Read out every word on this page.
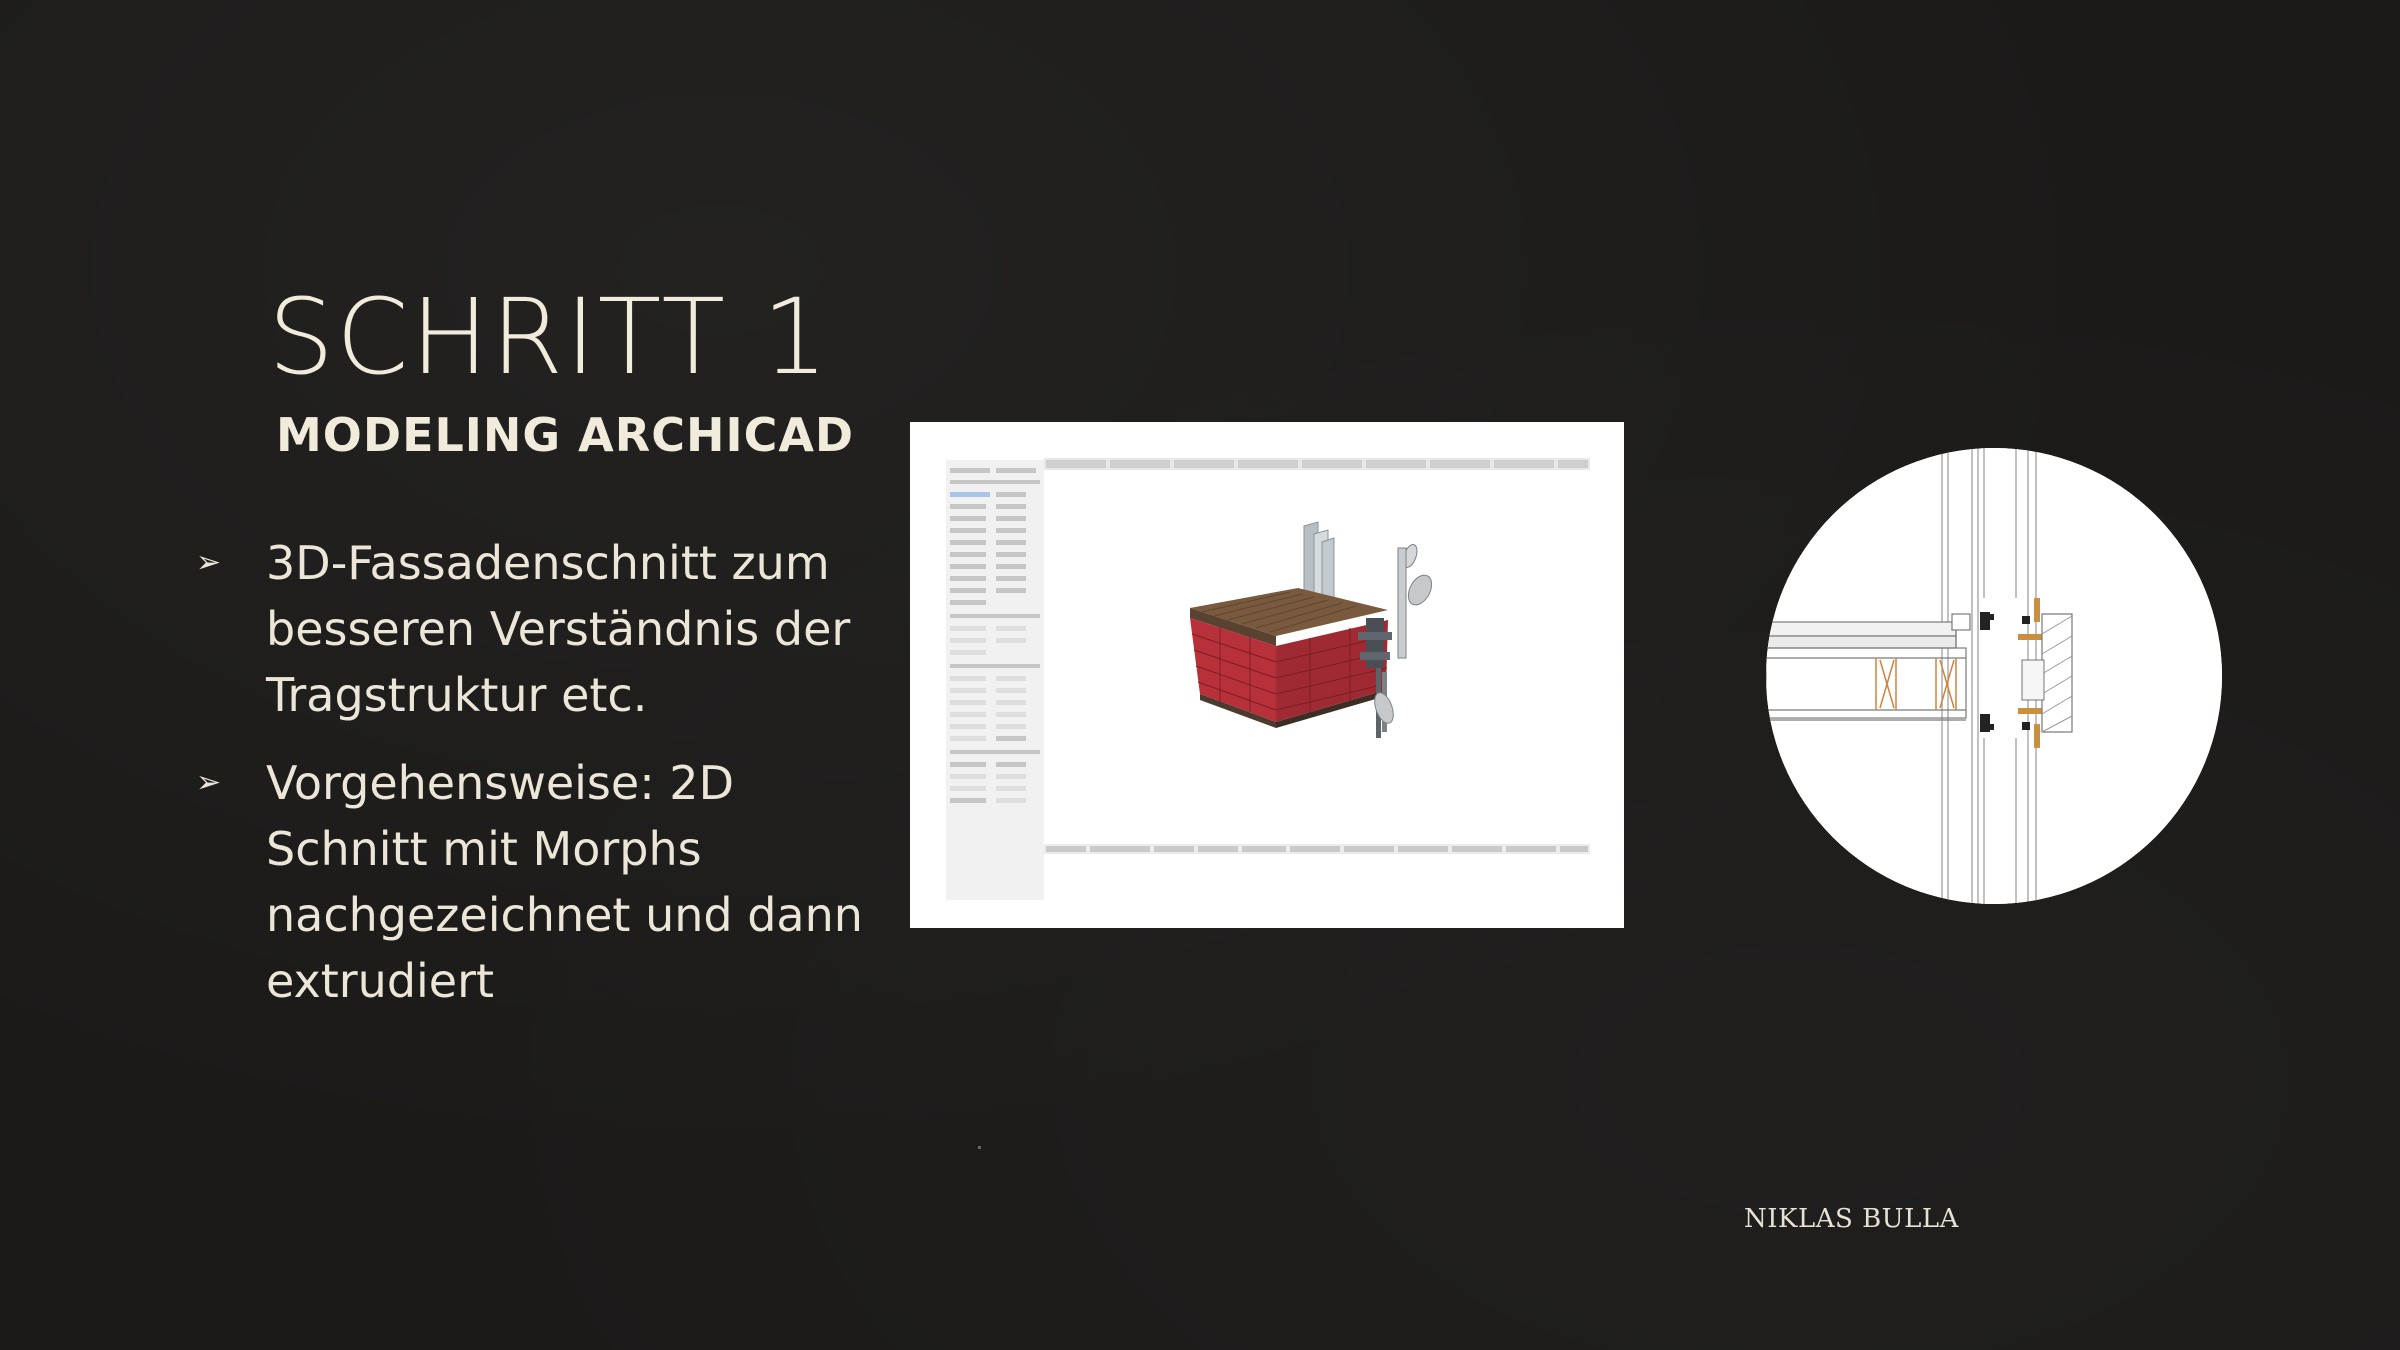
SCHRITT 1
MODELING ARCHICAD
➢ 3D-Fassadenschnitt zum besseren Verständnis der Tragstruktur etc.
➢ Vorgehensweise: 2D Schnitt mit Morphs nachgezeichnet und dann extrudiert
NIKLAS BULLA
